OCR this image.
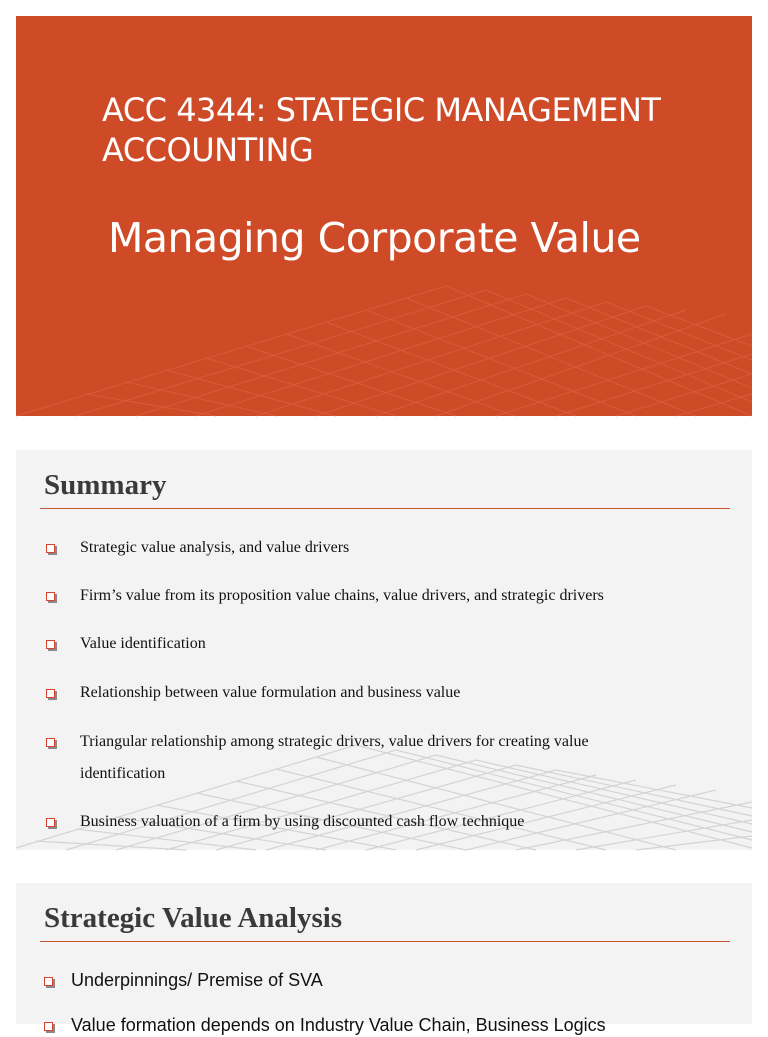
ACC 4344: STATEGIC MANAGEMENT ACCOUNTING
Managing Corporate Value
Summary
Strategic value analysis, and value drivers
Firm’s value from its proposition value chains, value drivers, and strategic drivers
Value identification
Relationship between value formulation and business value
Triangular relationship among strategic drivers, value drivers for creating value identification
Business valuation of a firm by using discounted cash flow technique
Strategic Value Analysis
Underpinnings/ Premise of SVA
Value formation depends on Industry Value Chain, Business Logics
